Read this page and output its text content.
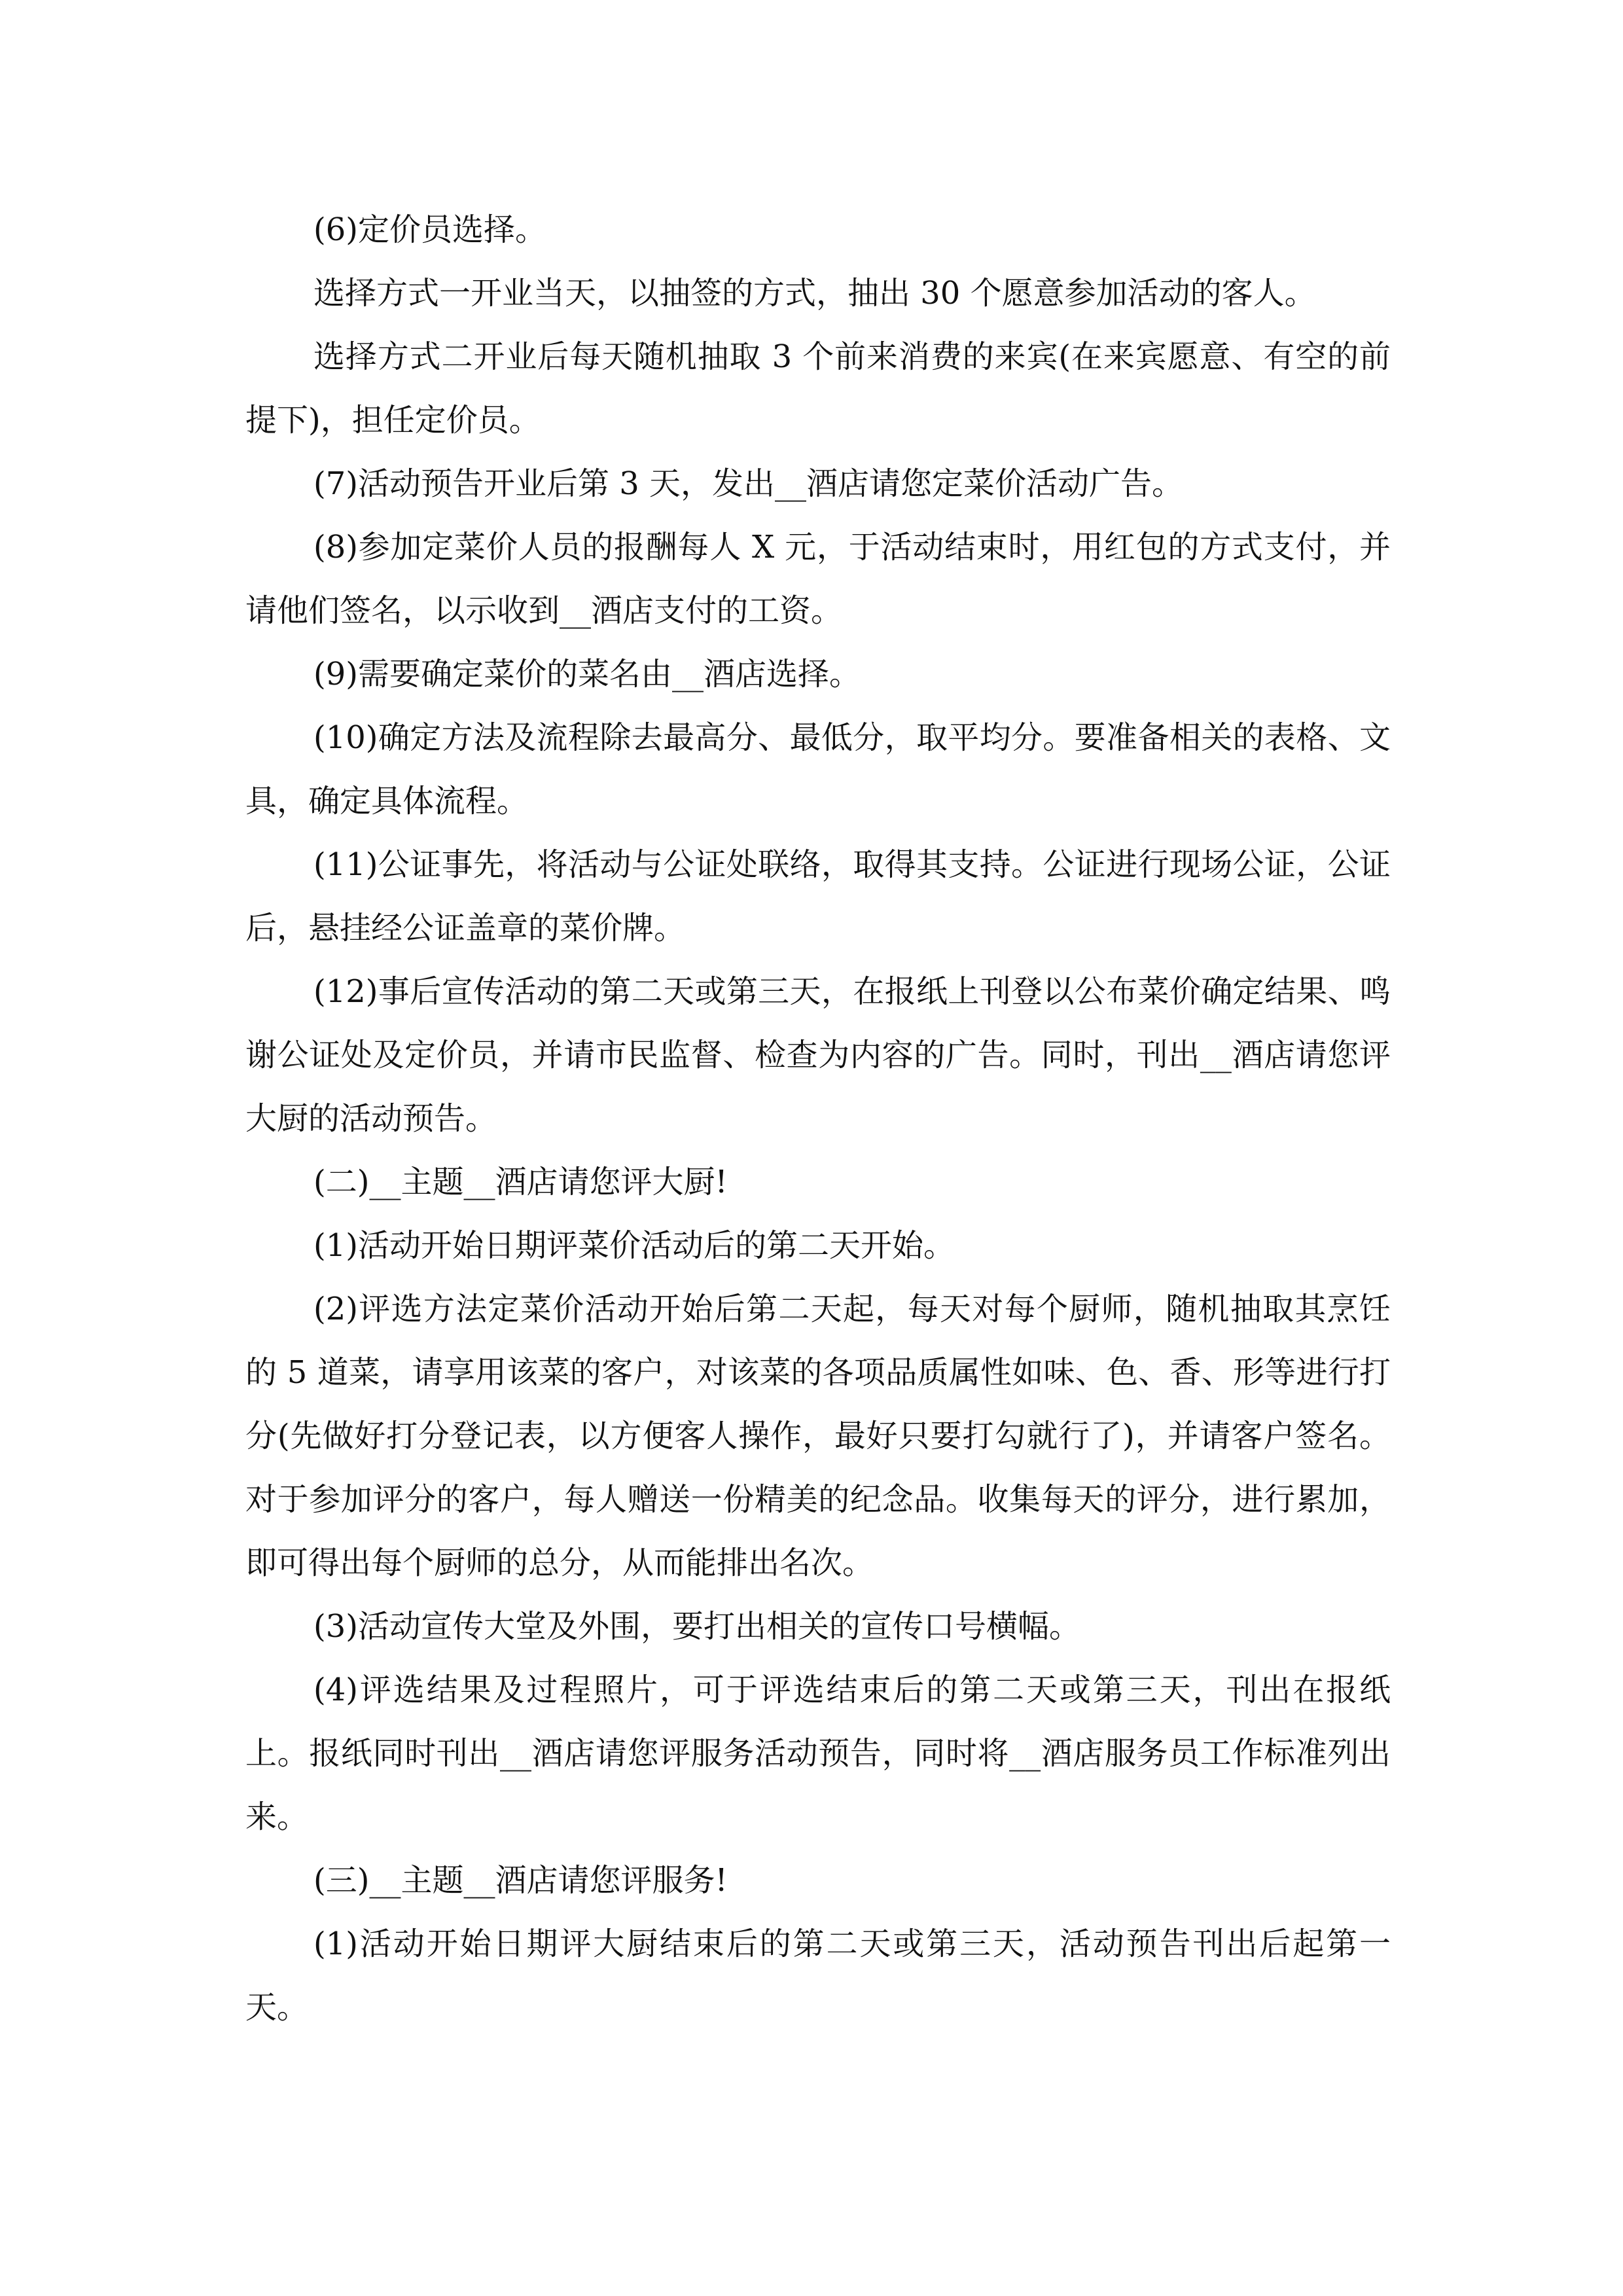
(6)定价员选择。

选择方式一开业当天，以抽签的方式，抽出 30 个愿意参加活动的客人。

选择方式二开业后每天随机抽取 3 个前来消费的来宾(在来宾愿意、有空的前提下)，担任定价员。

(7)活动预告开业后第 3 天，发出__酒店请您定菜价活动广告。

(8)参加定菜价人员的报酬每人 X 元，于活动结束时，用红包的方式支付，并请他们签名，以示收到__酒店支付的工资。

(9)需要确定菜价的菜名由__酒店选择。

(10)确定方法及流程除去最高分、最低分，取平均分。要准备相关的表格、文具，确定具体流程。

(11)公证事先，将活动与公证处联络，取得其支持。公证进行现场公证，公证后，悬挂经公证盖章的菜价牌。

(12)事后宣传活动的第二天或第三天，在报纸上刊登以公布菜价确定结果、鸣谢公证处及定价员，并请市民监督、检查为内容的广告。同时，刊出__酒店请您评大厨的活动预告。

(二)__主题__酒店请您评大厨!

(1)活动开始日期评菜价活动后的第二天开始。

(2)评选方法定菜价活动开始后第二天起，每天对每个厨师，随机抽取其烹饪的 5 道菜，请享用该菜的客户，对该菜的各项品质属性如味、色、香、形等进行打分(先做好打分登记表，以方便客人操作，最好只要打勾就行了)，并请客户签名。对于参加评分的客户，每人赠送一份精美的纪念品。收集每天的评分，进行累加，即可得出每个厨师的总分，从而能排出名次。

(3)活动宣传大堂及外围，要打出相关的宣传口号横幅。

(4)评选结果及过程照片，可于评选结束后的第二天或第三天，刊出在报纸上。报纸同时刊出__酒店请您评服务活动预告，同时将__酒店服务员工作标准列出来。

(三)__主题__酒店请您评服务!

(1)活动开始日期评大厨结束后的第二天或第三天，活动预告刊出后起第一天。
